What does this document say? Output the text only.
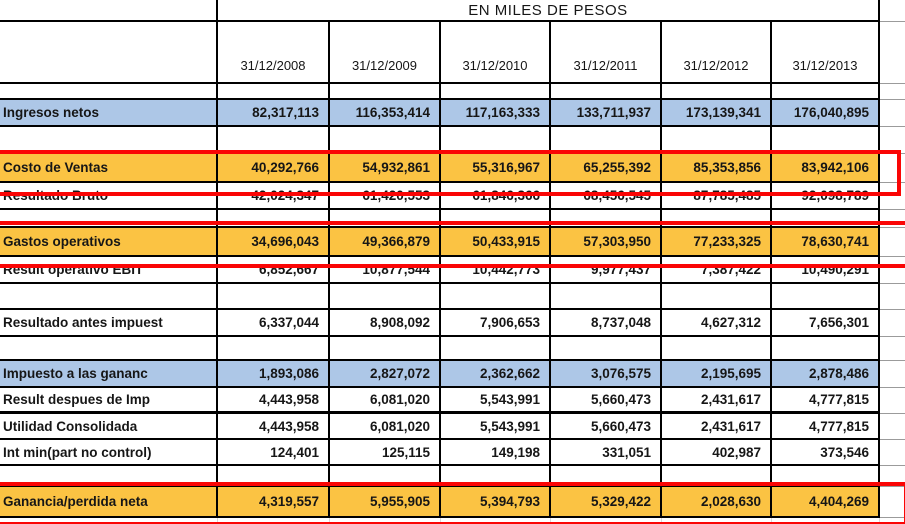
EN MILES DE PESOS
31/12/2008	31/12/2009	31/12/2010	31/12/2011	31/12/2012	31/12/2013
Ingresos netos	82,317,113	116,353,414	117,163,333	133,711,937	173,139,341	176,040,895
Costo de Ventas	40,292,766	54,932,861	55,316,967	65,255,392	85,353,856	83,942,106
Resultado Bruto	42,024,347	61,420,553	61,846,366	68,456,545	87,785,485	92,098,789
Gastos operativos	34,696,043	49,366,879	50,433,915	57,303,950	77,233,325	78,630,741
Result operativo EBIT	6,852,667	10,877,544	10,442,773	9,977,437	7,387,422	10,490,291
Resultado antes impuest	6,337,044	8,908,092	7,906,653	8,737,048	4,627,312	7,656,301
Impuesto a las gananc	1,893,086	2,827,072	2,362,662	3,076,575	2,195,695	2,878,486
Result despues de Imp	4,443,958	6,081,020	5,543,991	5,660,473	2,431,617	4,777,815
Utilidad Consolidada	4,443,958	6,081,020	5,543,991	5,660,473	2,431,617	4,777,815
Int min(part no control)	124,401	125,115	149,198	331,051	402,987	373,546
Ganancia/perdida neta	4,319,557	5,955,905	5,394,793	5,329,422	2,028,630	4,404,269
